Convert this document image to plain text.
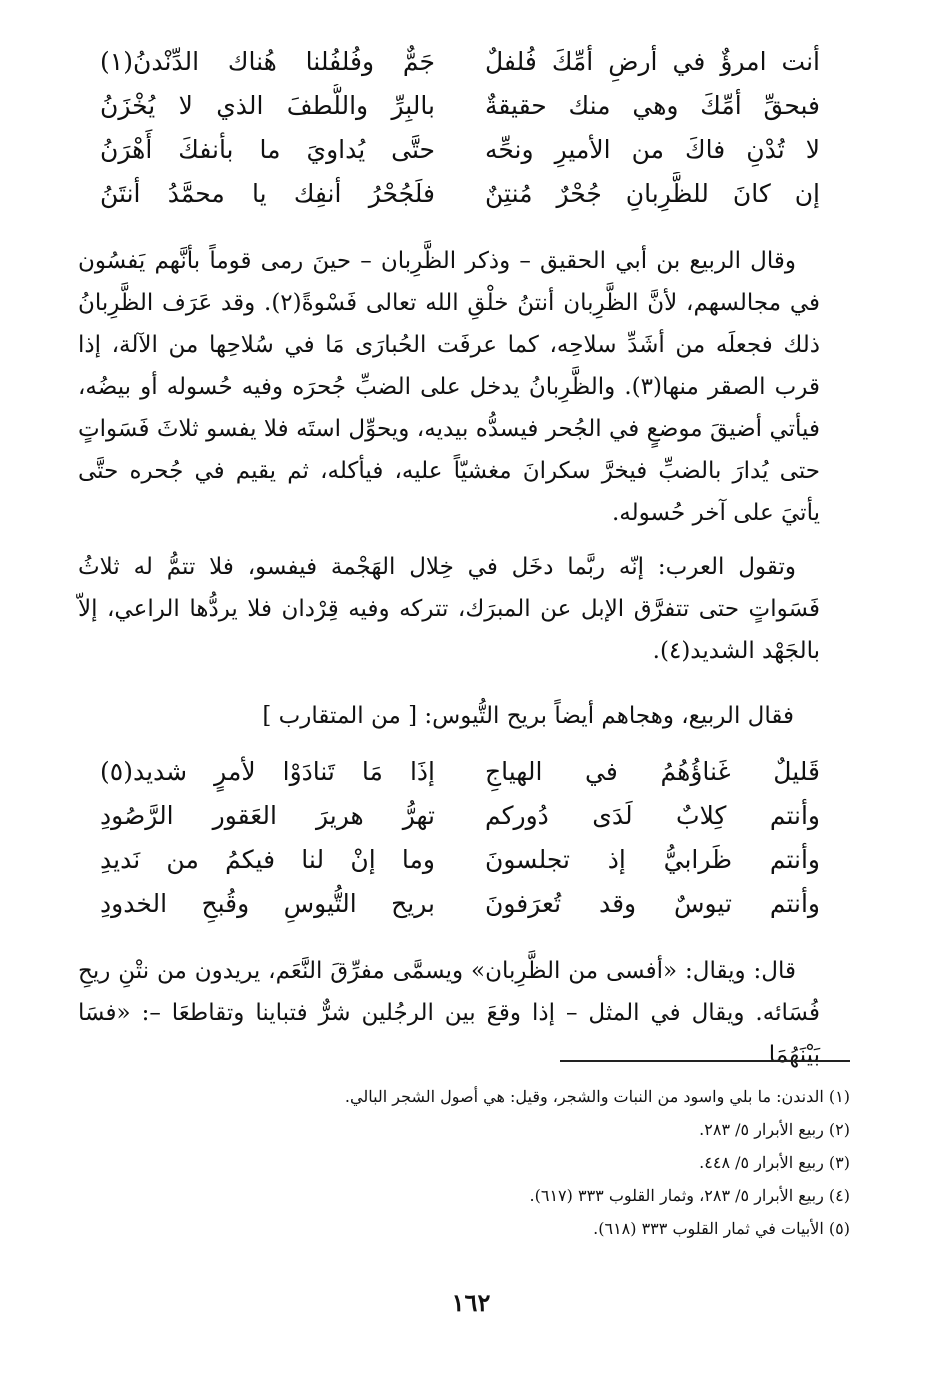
أنت امرؤٌ في أرضِ أمِّكَ فُلفلٌ
جَمٌّ وفُلفُلنا هُناك الدِّنْدنُ(١)
فبحقِّ أمِّكَ وهي منك حقيقةٌ
بالبِرِّ واللُّطفَ الذي لا يُخْزَنُ
لا تُدْنِ فاكَ من الأميرِ ونحِّه
حتَّى يُداويَ ما بأنفكَ أَهْرَنُ
إن كانَ للظَّرِبانِ جُحْرٌ مُنتِنٌ
فلَجُحْرُ أنفِك يا محمَّدُ أنتَنُ

وقال الربيع بن أبي الحقيق – وذكر الظَّرِبان – حينَ رمى قوماً بأنَّهم يَفسُون في مجالسهم، لأنَّ الظَّرِبان أنتنُ خلْقِ الله تعالى فَسْوةً(٢). وقد عَرَف الظَّرِبانُ ذلك فجعلَه من أشَدِّ سلاحِه، كما عرفَت الحُبارَى مَا في سُلاحِها من الآلة، إذا قرب الصقر منها(٣). والظَّرِبانُ يدخل على الضبِّ جُحرَه وفيه حُسوله أو بيضُه، فيأتي أضيقَ موضعٍ في الجُحر فيسدُّه بيديه، ويحوِّل استَه فلا يفسو ثلاثَ فَسَواتٍ حتى يُدارَ بالضبِّ فيخرَّ سكرانَ مغشيّاً عليه، فيأكله، ثم يقيم في جُحره حتَّى يأتيَ على آخر حُسوله.

وتقول العرب: إنّه ربَّما دخَل في خِلال الهَجْمة فيفسو، فلا تتمُّ له ثلاثُ فَسَواتٍ حتى تتفرَّق الإبل عن المبرَك، تتركه وفيه قِرْدان فلا يردُّها الراعي، إلاّ بالجَهْد الشديد(٤).

فقال الربيع، وهجاهم أيضاً بريح التُّيوس: [ من المتقارب ]
قَليلٌ غَناؤُهُمُ في الهياجِ
إذَا مَا تَنادَوْا لأمرٍ شديد(٥)
وأنتم كِلابٌ لَدَى دُوركم
تهرُّ هريرَ العَقور الرَّصُودِ
وأنتم ظَرابيُّ إذ تجلسونَ
وما إنْ لنا فيكمُ من نَديدِ
وأنتم تيوسٌ وقد تُعرَفونَ
بريح التُّيوسِ وقُبحِ الخدودِ

قال: ويقال: «أفسى من الظَّرِبان» ويسمَّى مفرِّقَ النَّعَم، يريدون من نتْنِ ريحِ فُسَائه. ويقال في المثل – إذا وقعَ بين الرجُلين شرٌّ فتباينا وتقاطعَا –: «فسَا بَيْنَهُمَا

(١) الدندن: ما بلي واسود من النبات والشجر، وقيل: هي أصول الشجر البالي.
(٢) ربيع الأبرار ٥/ ٢٨٣.
(٣) ربيع الأبرار ٥/ ٤٤٨.
(٤) ربيع الأبرار ٥/ ٢٨٣، وثمار القلوب ٣٣٣ (٦١٧).
(٥) الأبيات في ثمار القلوب ٣٣٣ (٦١٨).
١٦٢
